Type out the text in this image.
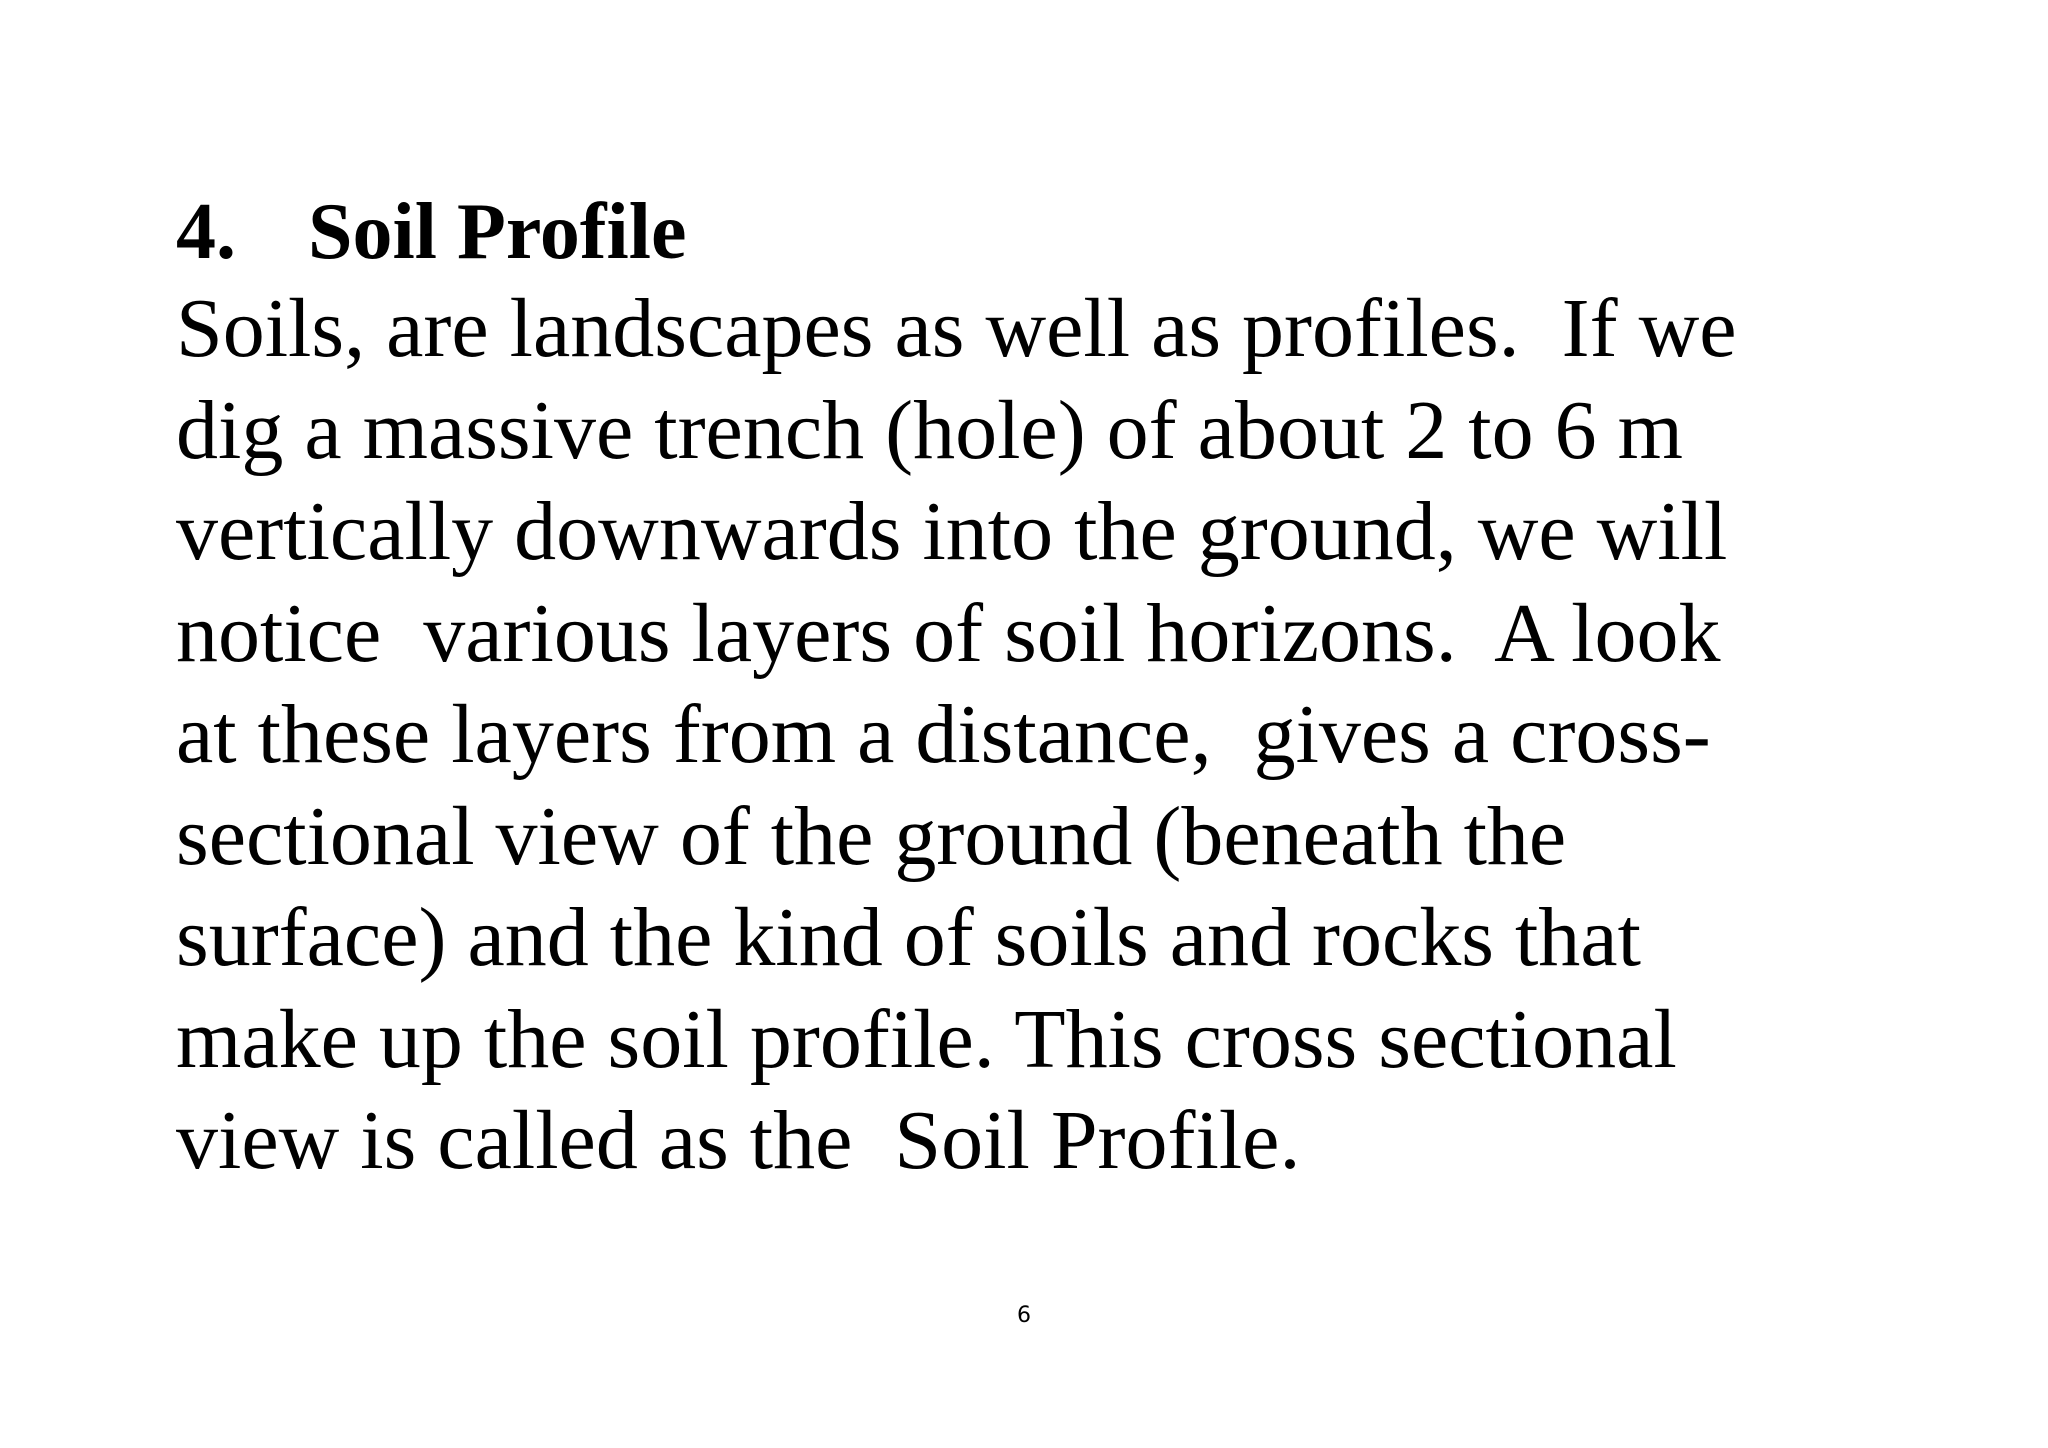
4. Soil Profile
Soils, are landscapes as well as profiles.  If we
dig a massive trench (hole) of about 2 to 6 m
vertically downwards into the ground, we will
notice  various layers of soil horizons.  A look
at these layers from a distance,  gives a cross-
sectional view of the ground (beneath the
surface) and the kind of soils and rocks that
make up the soil profile. This cross sectional
view is called as the  Soil Profile.
6
